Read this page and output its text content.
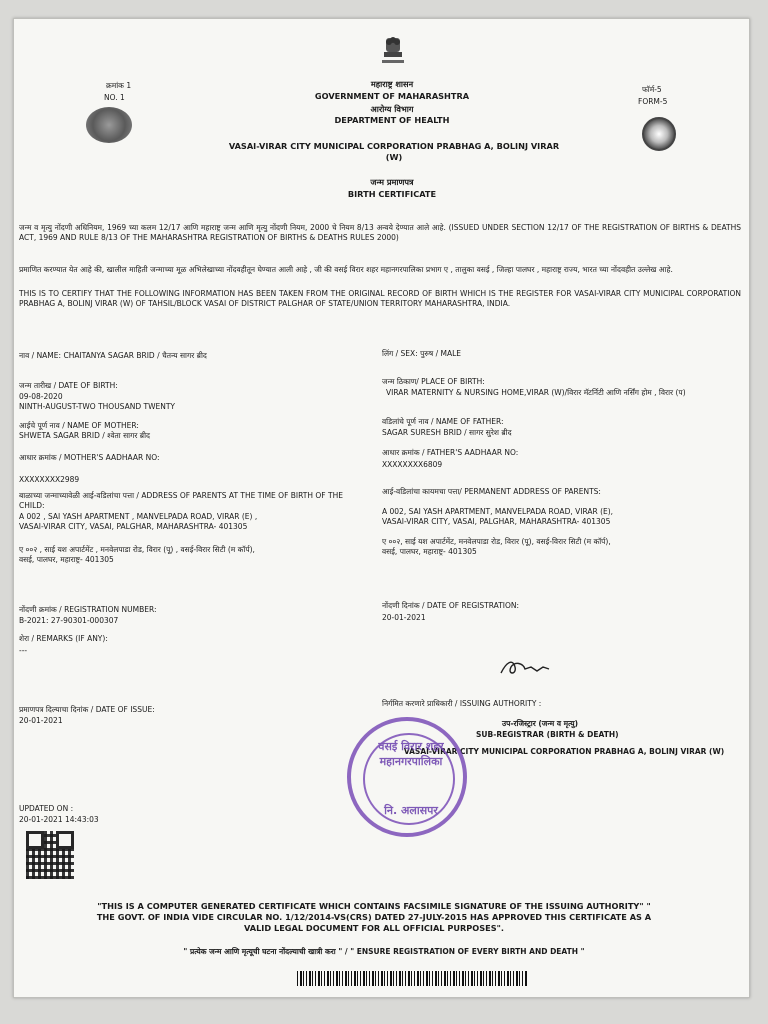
क्रमांक 1
NO. 1
फॉर्म-5
FORM-5
महाराष्ट्र शासन
GOVERNMENT OF MAHARASHTRA
आरोग्य विभाग
DEPARTMENT OF HEALTH
VASAI-VIRAR CITY MUNICIPAL CORPORATION PRABHAG A, BOLINJ VIRAR
(W)
जन्म प्रमाणपत्र
BIRTH CERTIFICATE
जन्म व मृत्यु नोंदणी अधिनियम, 1969 च्या कलम 12/17 आणि महाराष्ट्र जन्म आणि मृत्यु नोंदणी नियम, 2000 चे नियम 8/13 अन्वये देण्यात आले आहे. (ISSUED UNDER SECTION 12/17 OF THE REGISTRATION OF BIRTHS & DEATHS ACT, 1969 AND RULE 8/13 OF THE MAHARASHTRA REGISTRATION OF BIRTHS & DEATHS RULES 2000)
प्रमाणित करण्यात येत आहे की, खालील माहिती जन्माच्या मूळ अभिलेखाच्या नोंदवहीतून घेण्यात आली आहे , जी की वसई विरार शहर महानगरपालिका प्रभाग ए , तालुका वसई , जिल्हा पालघर , महाराष्ट्र राज्य, भारत च्या नोंदवहीत उल्लेख आहे.
THIS IS TO CERTIFY THAT THE FOLLOWING INFORMATION HAS BEEN TAKEN FROM THE ORIGINAL RECORD OF BIRTH WHICH IS THE REGISTER FOR VASAI-VIRAR CITY MUNICIPAL CORPORATION PRABHAG A, BOLINJ VIRAR (W) OF TAHSIL/BLOCK VASAI OF DISTRICT PALGHAR OF STATE/UNION TERRITORY MAHARASHTRA, INDIA.
नाव / NAME: CHAITANYA SAGAR BRID / चैतन्य सागर ब्रीद
जन्म तारीख / DATE OF BIRTH:
09-08-2020
NINTH-AUGUST-TWO THOUSAND TWENTY
आईचे पूर्ण नाव / NAME OF MOTHER:
SHWETA SAGAR BRID / श्वेता सागर ब्रीद
आधार क्रमांक / MOTHER'S AADHAAR NO:
XXXXXXXX2989
बाळाच्या जन्माच्यावेळी आई-वडिलांचा पत्ता / ADDRESS OF PARENTS AT THE TIME OF BIRTH OF THE CHILD:
A 002 , SAI YASH APARTMENT , MANVELPADA ROAD, VIRAR (E) , VASAI-VIRAR CITY, VASAI, PALGHAR, MAHARASHTRA- 401305
ए ००२ , साई यश अपार्टमेंट , मनवेलपाडा रोड, विरार (पू) , वसई-विरार सिटी (म कॉर्प), वसई, पालघर, महाराष्ट्र- 401305
नोंदणी क्रमांक / REGISTRATION NUMBER:
B-2021: 27-90301-000307
शेरा / REMARKS (IF ANY):
---
प्रमाणपत्र दिल्याचा दिनांक / DATE OF ISSUE:
20-01-2021
UPDATED ON :
20-01-2021 14:43:03
लिंग / SEX: पुरुष / MALE
जन्म ठिकाण/ PLACE OF BIRTH:
VIRAR MATERNITY & NURSING HOME,VIRAR (W)/विरार मॅटर्निटी आणि नर्सिंग होम , विरार (प)
वडिलांचे पूर्ण नाव / NAME OF FATHER:
SAGAR SURESH BRID / सागर सुरेश ब्रीद
आधार क्रमांक / FATHER'S AADHAAR NO:
XXXXXXXX6809
आई-वडिलांचा कायमचा पत्ता/ PERMANENT ADDRESS OF PARENTS:
A 002, SAI YASH APARTMENT, MANVELPADA ROAD, VIRAR (E), VASAI-VIRAR CITY, VASAI, PALGHAR, MAHARASHTRA- 401305
ए ००२, साई यश अपार्टमेंट, मनवेलपाडा रोड, विरार (पू), वसई-विरार सिटी (म कॉर्प), वसई, पालघर, महाराष्ट्र- 401305
नोंदणी दिनांक / DATE OF REGISTRATION:
20-01-2021
निर्गमित करणारे प्राधिकारी / ISSUING AUTHORITY :
उप-रजिस्ट्रार (जन्म व मृत्यु)
SUB-REGISTRAR (BIRTH & DEATH)
VASAI-VIRAR CITY MUNICIPAL CORPORATION PRABHAG A, BOLINJ VIRAR (W)
वसई विरार शहर महानगरपालिका
नि. अलासपर
"THIS IS A COMPUTER GENERATED CERTIFICATE WHICH CONTAINS FACSIMILE SIGNATURE OF THE ISSUING AUTHORITY" " THE GOVT. OF INDIA VIDE CIRCULAR NO. 1/12/2014-VS(CRS) DATED 27-JULY-2015 HAS APPROVED THIS CERTIFICATE AS A VALID LEGAL DOCUMENT FOR ALL OFFICIAL PURPOSES".
" प्रत्येक जन्म आणि मृत्यूची घटना नोंदल्याची खात्री करा " / " ENSURE REGISTRATION OF EVERY BIRTH AND DEATH "
